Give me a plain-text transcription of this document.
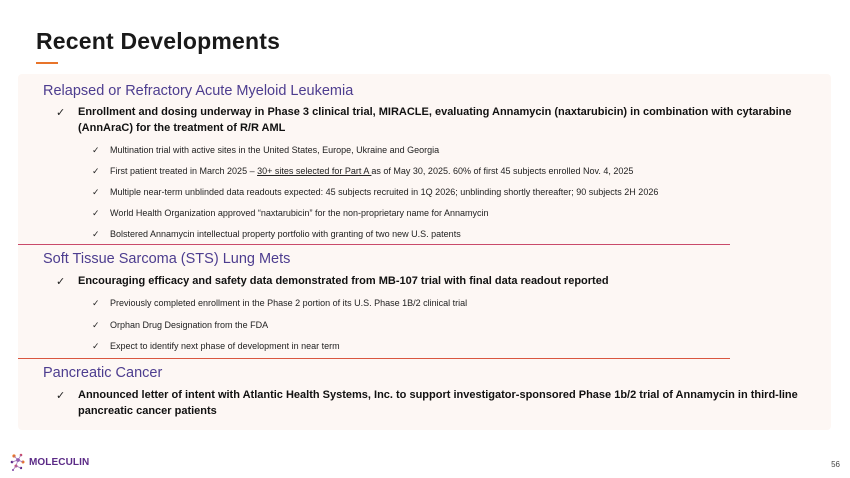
Recent Developments
Relapsed or Refractory Acute Myeloid Leukemia
✓ Enrollment and dosing underway in Phase 3 clinical trial, MIRACLE, evaluating Annamycin (naxtarubicin) in combination with cytarabine (AnnAraC) for the treatment of R/R AML
✓ Multination trial with active sites in the United States, Europe, Ukraine and Georgia
✓ First patient treated in March 2025 – 30+ sites selected for Part A as of May 30, 2025. 60% of first 45 subjects enrolled Nov. 4, 2025
✓ Multiple near-term unblinded data readouts expected: 45 subjects recruited in 1Q 2026; unblinding shortly thereafter; 90 subjects 2H 2026
✓ World Health Organization approved “naxtarubicin” for the non-proprietary name for Annamycin
✓ Bolstered Annamycin intellectual property portfolio with granting of two new U.S. patents
Soft Tissue Sarcoma (STS) Lung Mets
✓ Encouraging efficacy and safety data demonstrated from MB-107 trial with final data readout reported
✓ Previously completed enrollment in the Phase 2 portion of its U.S. Phase 1B/2 clinical trial
✓ Orphan Drug Designation from the FDA
✓ Expect to identify next phase of development in near term
Pancreatic Cancer
✓ Announced letter of intent with Atlantic Health Systems, Inc. to support investigator-sponsored Phase 1b/2 trial of Annamycin in third-line pancreatic cancer patients
MOLECULIN	56
